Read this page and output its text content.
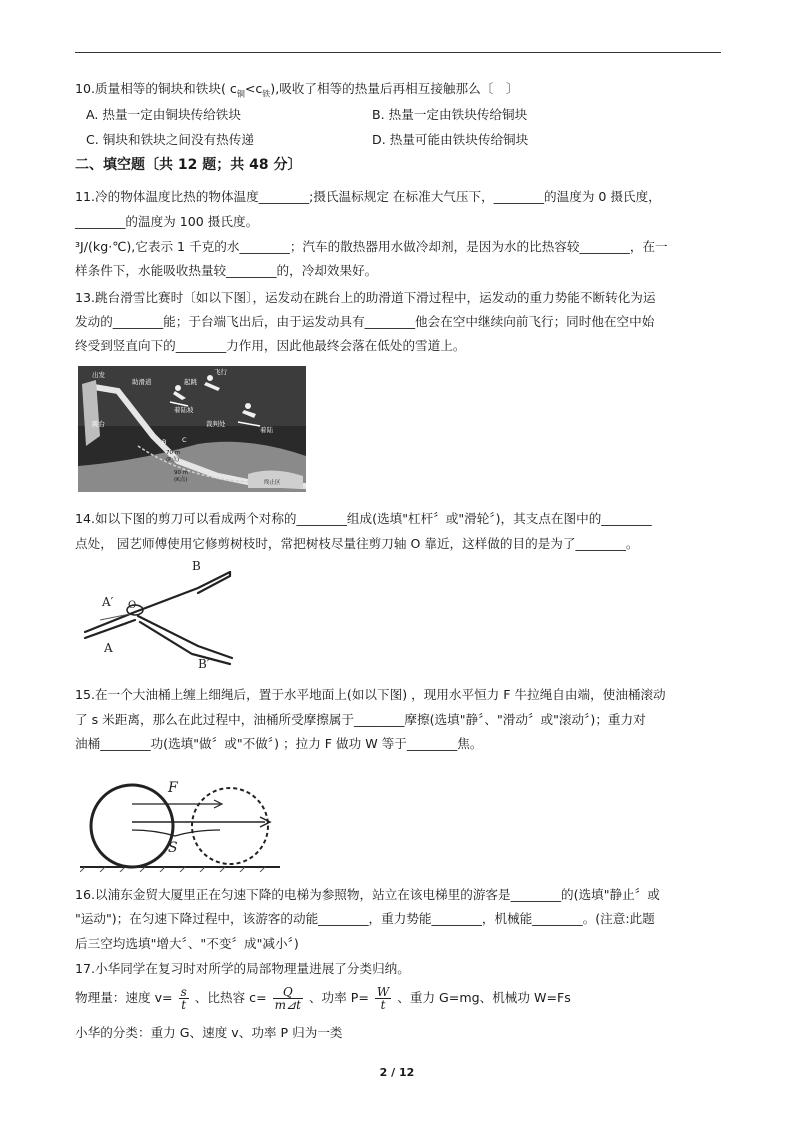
10.质量相等的铜块和铁块( $c_铜<c_铁$),吸收了相等的热量后再相互接触那么〔　〕
A. 热量一定由铜块传给铁块	B. 热量一定由铁块传给铜块
C. 铜块和铁块之间没有热传递	D. 热量可能由铁块传给铜块
二、填空题〔共 12 题；共 48 分〕
11.冷的物体温度比热的物体温度________;摄氏温标规定 在标准大气压下，________的温度为 0 摄氏度，
________的温度为 100 摄氏度。
³J/(kg·℃),它表示 1 千克的水________；汽车的散热器用水做冷却剂，是因为水的比热容较________，在一
样条件下，水能吸收热量较________的，冷却效果好。
13.跳台滑雪比赛时〔如以下图〕，运发动在跳台上的助滑道下滑过程中，运发动的重力势能不断转化为运
发动的________能；于台端飞出后，由于运发动具有________他会在空中继续向前飞行；同时他在空中始
终受到竖直向下的________力作用，因此他最终会落在低处的雪道上。
出发
助滑道	起跳
飞行
着陆坡
裁判处
着陆
跳台
B C
70 m
(P点)
90 m
(K点)	终止区
14.如以下图的剪刀可以看成两个对称的________组成(选填"杠杆〞或"滑轮〞)，其支点在图中的________
点处， 园艺师傅使用它修剪树枝时，常把树枝尽量往剪刀轴 O 靠近，这样做的目的是为了________。
B
A′ O
A
B′
15.在一个大油桶上缠上细绳后，置于水平地面上(如以下图) ，现用水平恒力 F 牛拉绳自由端，使油桶滚动
了 s 米距离，那么在此过程中，油桶所受摩擦属于________摩擦(选填"静〞、"滑动〞或"滚动〞)；重力对
油桶________功(选填"做〞或"不做〞) ；拉力 F 做功 W 等于________焦。
F
S
16.以浦东金贸大厦里正在匀速下降的电梯为参照物，站立在该电梯里的游客是________的(选填"静止〞或
"运动")；在匀速下降过程中，该游客的动能________，重力势能________，机械能________。(注意:此题
后三空均选填"增大〞、"不变〞成"减小〞)
17.小华同学在复习时对所学的局部物理量进展了分类归纳。
物理量：速度 $v= \frac{s}{t}$ 、比热容 $c= \frac{Q}{m⊿t}$ 、功率 $P= \frac{W}{t}$ 、重力 G=mg、机械功 W=Fs
小华的分类：重力 G、速度 v、功率 P 归为一类
2 / 12
